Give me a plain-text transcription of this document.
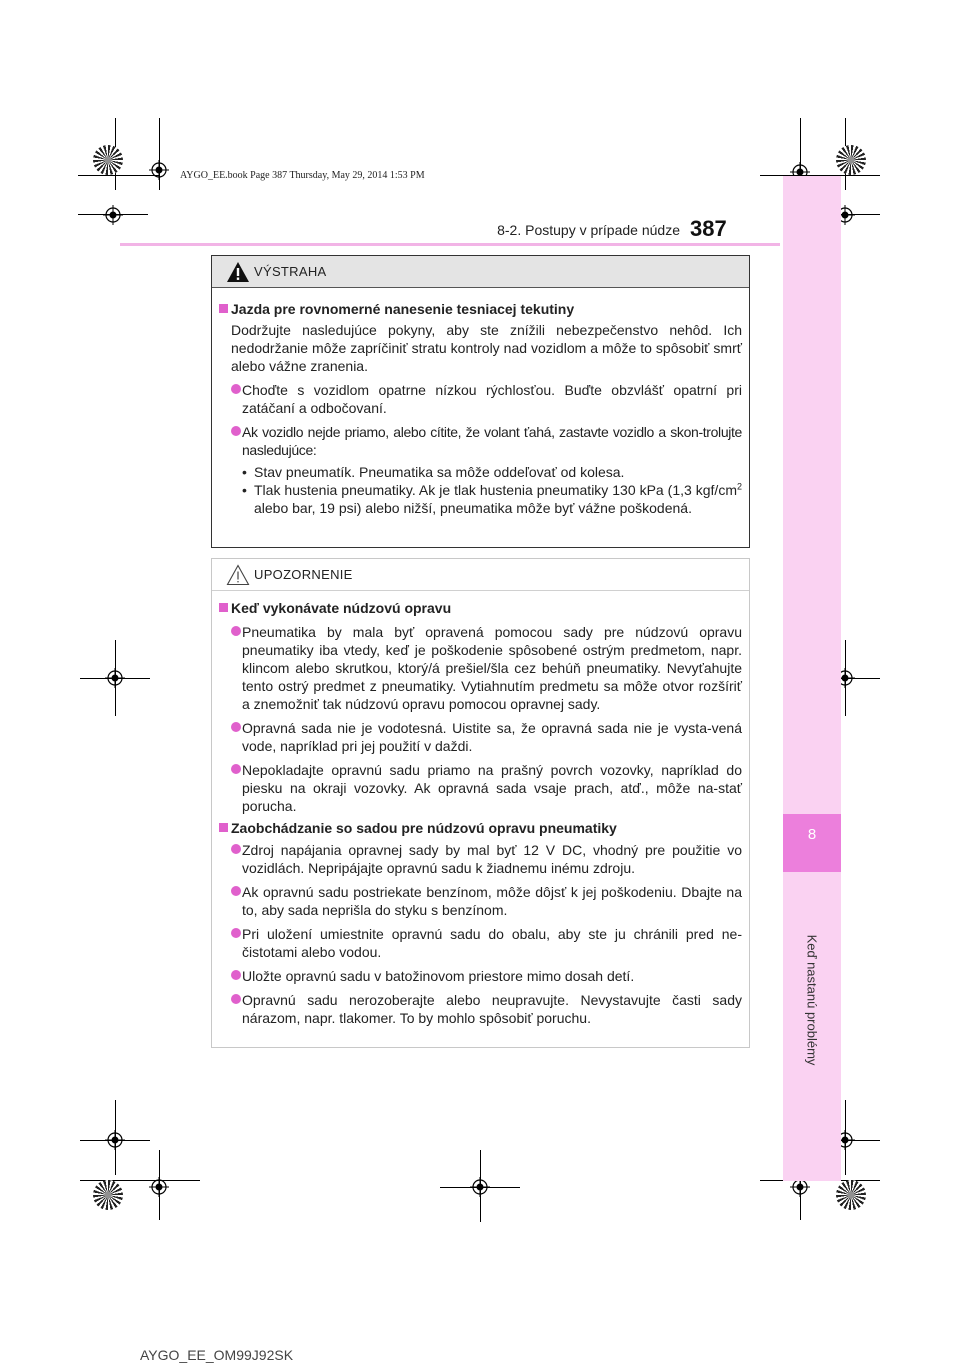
8
Keď nastanú problémy
AYGO_EE.book Page 387 Thursday, May 29, 2014 1:53 PM
8-2. Postupy v prípade núdze 387
VÝSTRAHA
Jazda pre rovnomerné nanesenie tesniacej tekutiny
Dodržujte nasledujúce pokyny, aby ste znížili nebezpečenstvo nehôd. Ich nedodržanie môže zapríčiniť stratu kontroly nad vozidlom a môže to spôsobiť smrť alebo vážne zranenia.
Choďte s vozidlom opatrne nízkou rýchlosťou. Buďte obzvlášť opatrní pri zatáčaní a odbočovaní.
Ak vozidlo nejde priamo, alebo cítite, že volant ťahá, zastavte vozidlo a skon-trolujte nasledujúce:
• Stav pneumatík. Pneumatika sa môže oddeľovať od kolesa.
• Tlak hustenia pneumatiky. Ak je tlak hustenia pneumatiky 130 kPa (1,3 kgf/$cm^2$ alebo bar, 19 psi) alebo nižší, pneumatika môže byť vážne poškodená.
UPOZORNENIE
Keď vykonávate núdzovú opravu
Pneumatika by mala byť opravená pomocou sady pre núdzovú opravu pneumatiky iba vtedy, keď je poškodenie spôsobené ostrým predmetom, napr. klincom alebo skrutkou, ktorý/á prešiel/šla cez behúň pneumatiky. Nevyťahujte tento ostrý predmet z pneumatiky. Vytiahnutím predmetu sa môže otvor rozšíriť a znemožniť tak núdzovú opravu pomocou opravnej sady.
Opravná sada nie je vodotesná. Uistite sa, že opravná sada nie je vysta-vená vode, napríklad pri jej použití v daždi.
Nepokladajte opravnú sadu priamo na prašný povrch vozovky, napríklad do piesku na okraji vozovky. Ak opravná sada vsaje prach, atď., môže na-stať porucha.
Zaobchádzanie so sadou pre núdzovú opravu pneumatiky
Zdroj napájania opravnej sady by mal byť 12 V DC, vhodný pre použitie vo vozidlách. Nepripájajte opravnú sadu k žiadnemu inému zdroju.
Ak opravnú sadu postriekate benzínom, môže dôjsť k jej poškodeniu. Dbajte na to, aby sada neprišla do styku s benzínom.
Pri uložení umiestnite opravnú sadu do obalu, aby ste ju chránili pred ne-čistotami alebo vodou.
Uložte opravnú sadu v batožinovom priestore mimo dosah detí.
Opravnú sadu nerozoberajte alebo neupravujte. Nevystavujte časti sady nárazom, napr. tlakomer. To by mohlo spôsobiť poruchu.
AYGO_EE_OM99J92SK
